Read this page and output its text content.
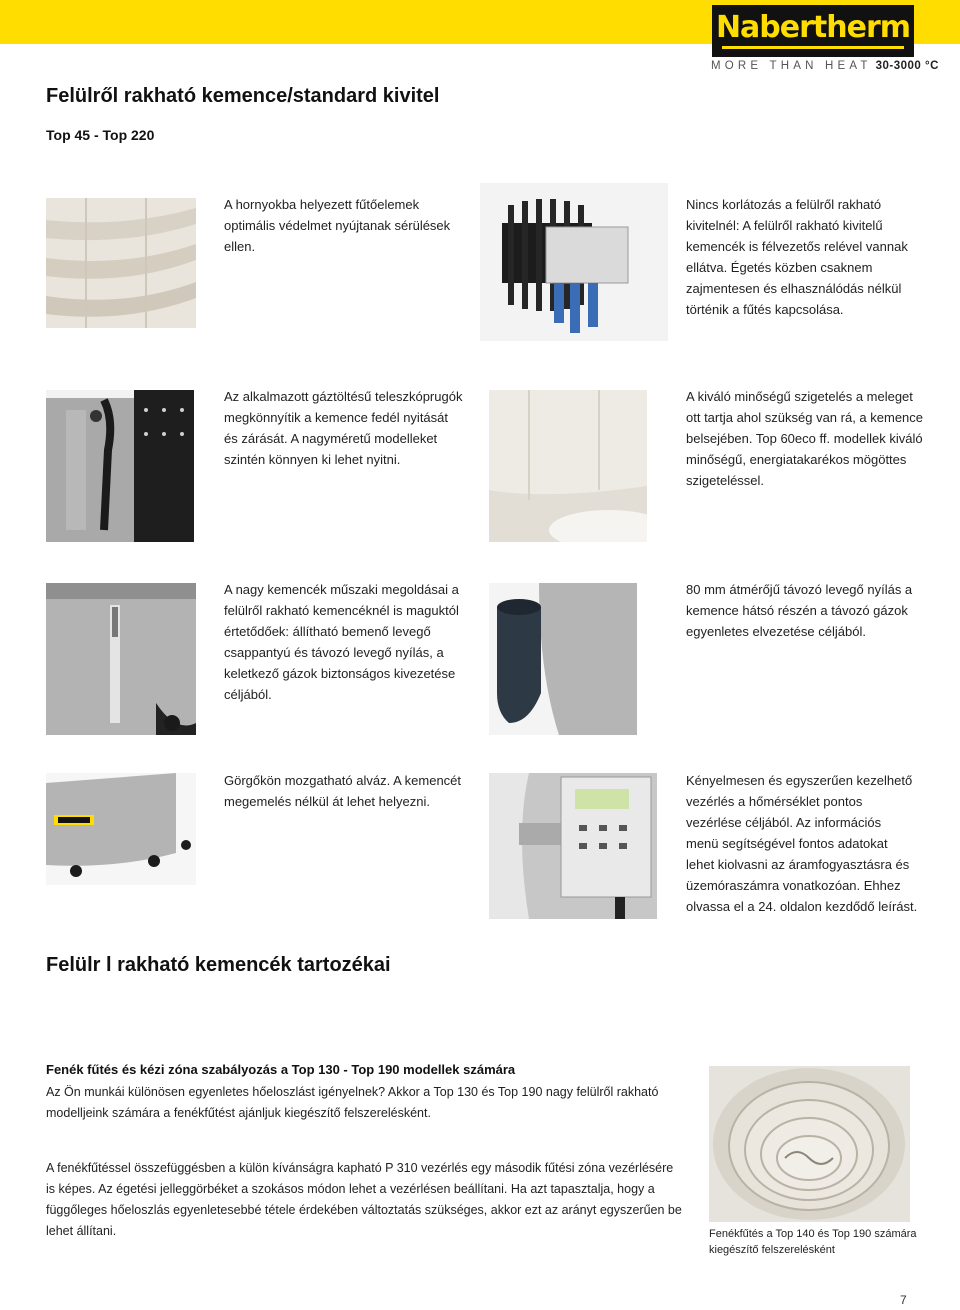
Nabertherm
MORE THAN HEAT 30-3000 °C
Felülről rakható kemence/standard kivitel
Top 45 - Top 220
A hornyokba helyezett fűtőelemek
optimális védelmet nyújtanak sérülések
ellen.
Nincs korlátozás a felülről rakható
kivitelnél: A felülről rakható kivitelű
kemencék is félvezetős relével vannak
ellátva. Égetés közben csaknem
zajmentesen és elhasználódás nélkül
történik a fűtés kapcsolása.
Az alkalmazott gáztöltésű teleszkóprugók
megkönnyítik a kemence fedél nyitását
és zárását. A nagyméretű modelleket
szintén könnyen ki lehet nyitni.
A kiváló minőségű szigetelés a meleget
ott tartja ahol szükség van rá, a kemence
belsejében. Top 60eco ff. modellek kiváló
minőségű, energiatakarékos mögöttes
szigeteléssel.
A nagy kemencék műszaki megoldásai a
felülről rakható kemencéknél is maguktól
értetődőek: állítható bemenő levegő
csappantyú és távozó levegő nyílás, a
keletkező gázok biztonságos kivezetése
céljából.
80 mm átmérőjű távozó levegő nyílás a
kemence hátsó részén a távozó gázok
egyenletes elvezetése céljából.
Görgőkön mozgatható alváz. A kemencét
megemelés nélkül át lehet helyezni.
Kényelmesen és egyszerűen kezelhető
vezérlés a hőmérséklet pontos
vezérlése céljából. Az információs
menü segítségével fontos adatokat
lehet kiolvasni az áramfogyasztásra és
üzemóraszámra vonatkozóan. Ehhez
olvassa el a 24. oldalon kezdődő leírást.
Felülr l rakható kemencék tartozékai
Fenék fűtés és kézi zóna szabályozás a Top 130 - Top 190 modellek számára
Az Ön munkái különösen egyenletes hőeloszlást igényelnek? Akkor a Top 130 és Top 190 nagy felülről rakható
modelljeink számára a fenékfűtést ajánljuk kiegészítő felszerelésként.
A fenékfűtéssel összefüggésben a külön kívánságra kapható P 310 vezérlés egy második fűtési zóna vezérlésére
is képes. Az égetési jelleggörbéket a szokásos módon lehet a vezérlésen beállítani. Ha azt tapasztalja, hogy a
függőleges hőeloszlás egyenletesebbé tétele érdekében változtatás szükséges, akkor ezt az arányt egyszerűen be
lehet állítani.	Fenékfűtés a Top 140 és Top 190 számára
kiegészítő felszerelésként
7
